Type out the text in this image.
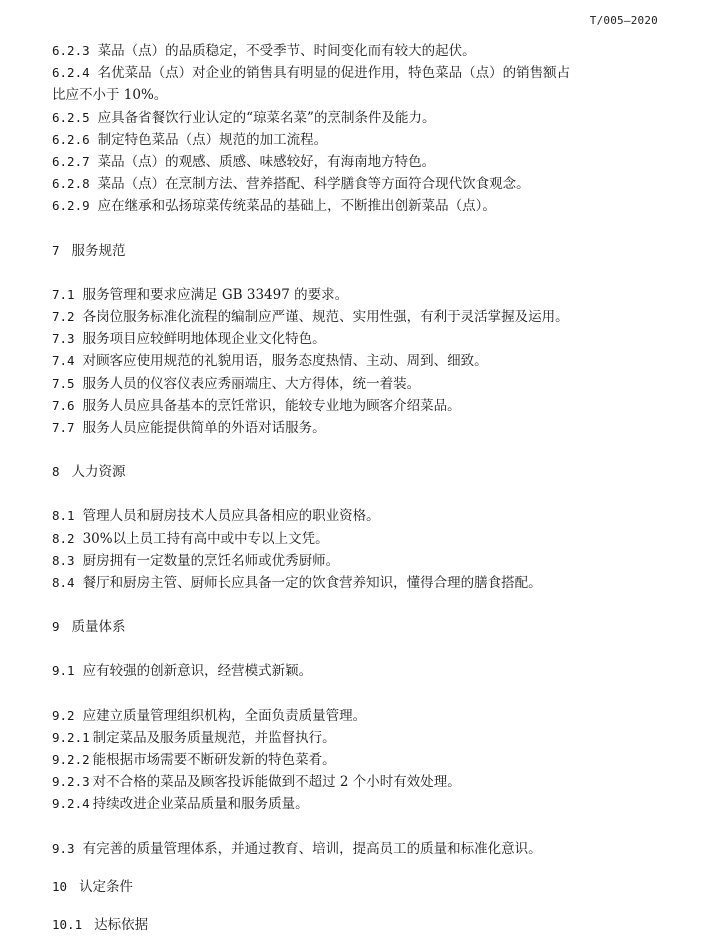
T/005—2020
6.2.3 菜品（点）的品质稳定，不受季节、时间变化而有较大的起伏。
6.2.4 名优菜品（点）对企业的销售具有明显的促进作用，特色菜品（点）的销售额占
比应不小于 10%。
6.2.5 应具备省餐饮行业认定的“琼菜名菜”的烹制条件及能力。
6.2.6 制定特色菜品（点）规范的加工流程。
6.2.7 菜品（点）的观感、质感、味感较好，有海南地方特色。
6.2.8 菜品（点）在烹制方法、营养搭配、科学膳食等方面符合现代饮食观念。
6.2.9 应在继承和弘扬琼菜传统菜品的基础上，不断推出创新菜品（点）。
7 服务规范
7.1 服务管理和要求应满足 GB 33497 的要求。
7.2 各岗位服务标准化流程的编制应严谨、规范、实用性强，有利于灵活掌握及运用。
7.3 服务项目应较鲜明地体现企业文化特色。
7.4 对顾客应使用规范的礼貌用语，服务态度热情、主动、周到、细致。
7.5 服务人员的仪容仪表应秀丽端庄、大方得体，统一着装。
7.6 服务人员应具备基本的烹饪常识，能较专业地为顾客介绍菜品。
7.7 服务人员应能提供简单的外语对话服务。
8 人力资源
8.1 管理人员和厨房技术人员应具备相应的职业资格。
8.2 30%以上员工持有高中或中专以上文凭。
8.3 厨房拥有一定数量的烹饪名师或优秀厨师。
8.4 餐厅和厨房主管、厨师长应具备一定的饮食营养知识，懂得合理的膳食搭配。
9 质量体系
9.1 应有较强的创新意识，经营模式新颖。
9.2 应建立质量管理组织机构，全面负责质量管理。
9.2.1 制定菜品及服务质量规范，并监督执行。
9.2.2 能根据市场需要不断研发新的特色菜肴。
9.2.3 对不合格的菜品及顾客投诉能做到不超过 2 个小时有效处理。
9.2.4 持续改进企业菜品质量和服务质量。
9.3 有完善的质量管理体系，并通过教育、培训，提高员工的质量和标准化意识。
10 认定条件
10.1 达标依据
